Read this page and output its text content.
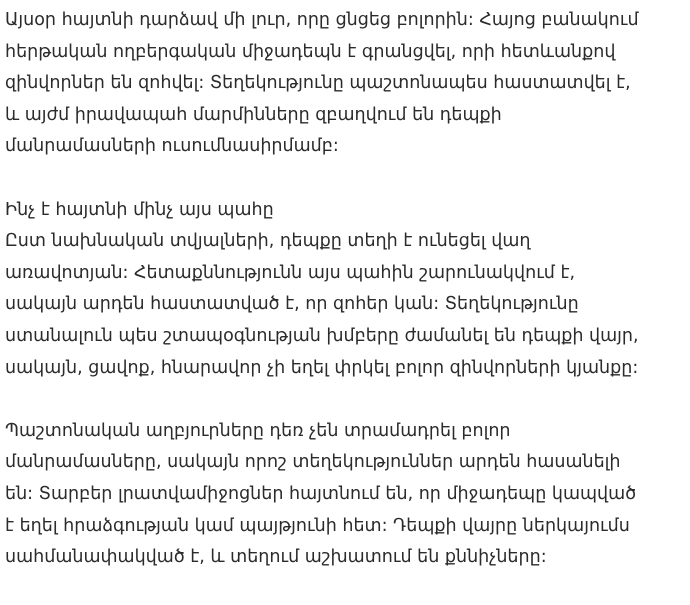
Այսօր հայտնի դարձավ մի լուր, որը ցնցեց բոլորին: Հայոց բանակում
հերթական ողբերգական միջադեպն է գրանցվել, որի հետևանքով
զինվորներ են զոհվել: Տեղեկությունը պաշտոնապես հաստատվել է,
և այժմ իրավապահ մարմինները զբաղվում են դեպքի
մանրամասների ուսումնասիրմամբ:

Ինչ է հայտնի մինչ այս պահը

Ըստ նախնական տվյալների, դեպքը տեղի է ունեցել վաղ
առավոտյան: Հետաքննությունն այս պահին շարունակվում է,
սակայն արդեն հաստատված է, որ զոհեր կան: Տեղեկությունը
ստանալուն պես շտապօգնության խմբերը ժամանել են դեպքի վայր,
սակայն, ցավոք, հնարավոր չի եղել փրկել բոլոր զինվորների կյանքը:

Պաշտոնական աղբյուրները դեռ չեն տրամադրել բոլոր
մանրամասները, սակայն որոշ տեղեկություններ արդեն հասանելի
են: Տարբեր լրատվամիջոցներ հայտնում են, որ միջադեպը կապված
է եղել հրաձգության կամ պայթյունի հետ: Դեպքի վայրը ներկայումս
սահմանափակված է, և տեղում աշխատում են քննիչները:
